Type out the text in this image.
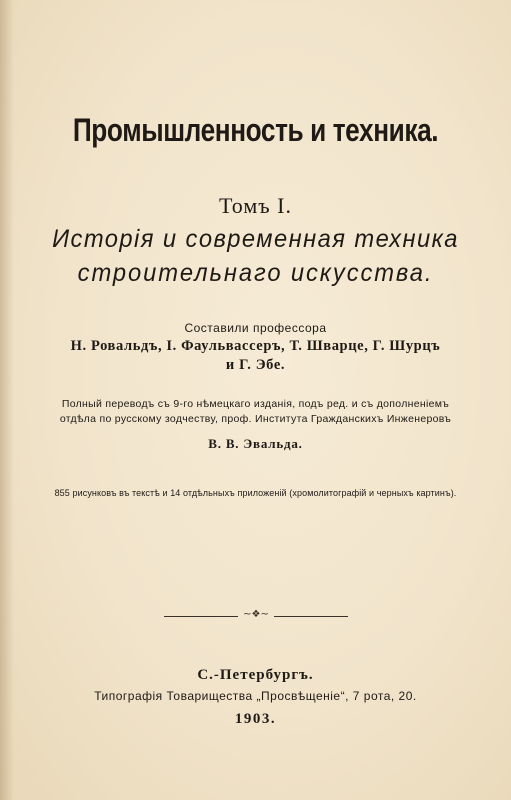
Промышленность и техника.
Томъ I.
Исторія и современная техника
строительнаго искусства.
Составили профессора
Н. Ровальдъ, I. Фаульвассеръ, Т. Шварце, Г. Шурцъ
и Г. Эбе.
Полный переводъ съ 9-го нѣмецкаго изданія, подъ ред. и съ дополненіемъ
отдѣла по русскому зодчеству, проф. Института Гражданскихъ Инженеровъ
В. В. Эвальда.
855 рисунковъ въ текстѣ и 14 отдѣльныхъ приложеній (хромолитографій и черныхъ картинъ).
~❖~
С.-Петербургъ.
Типографія Товарищества „Просвѣщеніе“, 7 рота, 20.
1903.
